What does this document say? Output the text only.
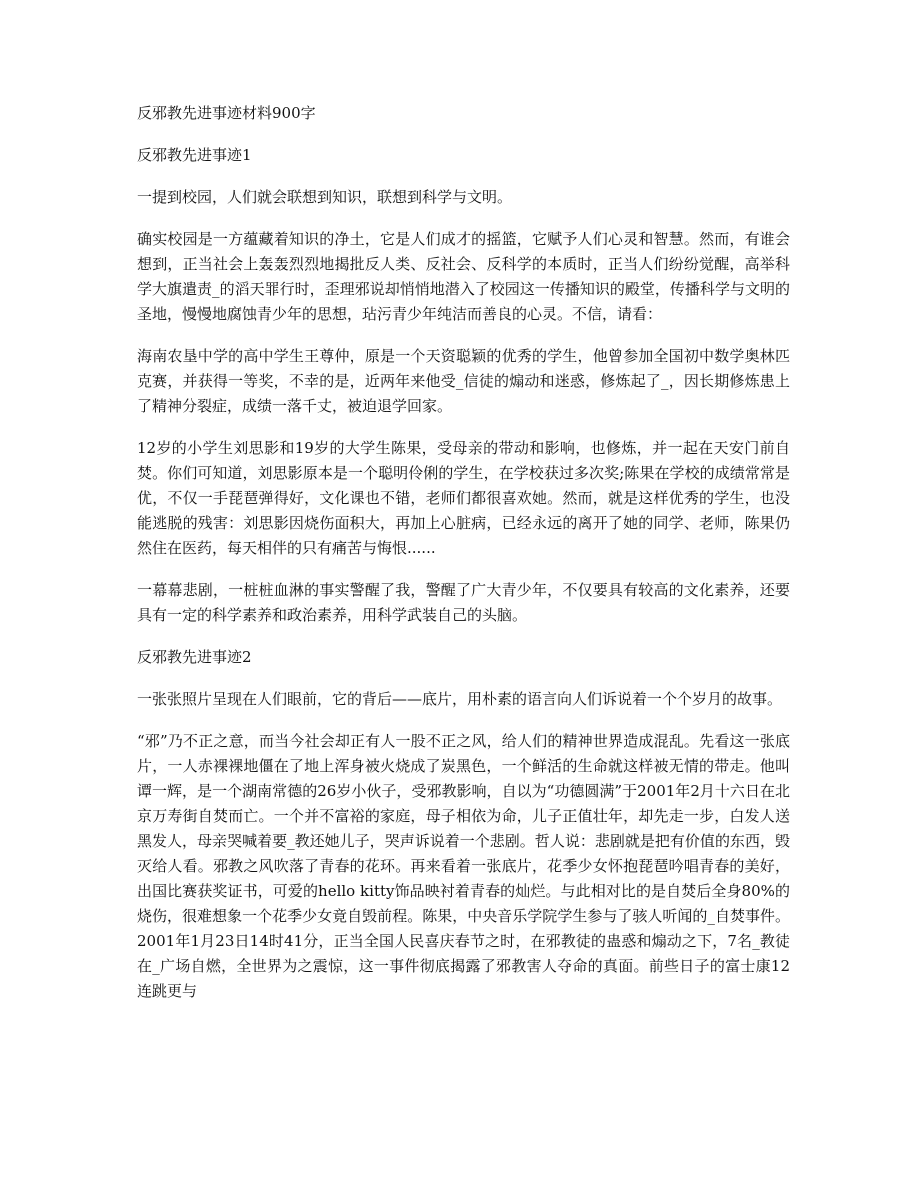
反邪教先进事迹材料900字

反邪教先进事迹1

一提到校园，人们就会联想到知识，联想到科学与文明。

确实校园是一方蕴藏着知识的净土，它是人们成才的摇篮，它赋予人们心灵和智慧。然而，有谁会想到，正当社会上轰轰烈烈地揭批反人类、反社会、反科学的本质时，正当人们纷纷觉醒，高举科学大旗遣责_的滔天罪行时，歪理邪说却悄悄地潜入了校园这一传播知识的殿堂，传播科学与文明的圣地，慢慢地腐蚀青少年的思想，玷污青少年纯洁而善良的心灵。不信，请看：

海南农垦中学的高中学生王尊仲，原是一个天资聪颖的优秀的学生，他曾参加全国初中数学奥林匹克赛，并获得一等奖，不幸的是，近两年来他受_信徒的煽动和迷惑，修炼起了_，因长期修炼患上了精神分裂症，成绩一落千丈，被迫退学回家。

12岁的小学生刘思影和19岁的大学生陈果，受母亲的带动和影响，也修炼，并一起在天安门前自焚。你们可知道，刘思影原本是一个聪明伶俐的学生，在学校获过多次奖;陈果在学校的成绩常常是优，不仅一手琵琶弹得好，文化课也不错，老师们都很喜欢她。然而，就是这样优秀的学生，也没能逃脱的残害：刘思影因烧伤面积大，再加上心脏病，已经永远的离开了她的同学、老师，陈果仍然住在医药，每天相伴的只有痛苦与悔恨......

一幕幕悲剧，一桩桩血淋的事实警醒了我，警醒了广大青少年，不仅要具有较高的文化素养，还要具有一定的科学素养和政治素养，用科学武装自己的头脑。

反邪教先进事迹2

一张张照片呈现在人们眼前，它的背后——底片，用朴素的语言向人们诉说着一个个岁月的故事。

“邪”乃不正之意，而当今社会却正有人一股不正之风，给人们的精神世界造成混乱。先看这一张底片，一人赤裸裸地僵在了地上浑身被火烧成了炭黑色，一个鲜活的生命就这样被无情的带走。他叫谭一辉，是一个湖南常德的26岁小伙子，受邪教影响，自以为“功德圆满”于2001年2月十六日在北京万寿街自焚而亡。一个并不富裕的家庭，母子相依为命，儿子正值壮年，却先走一步，白发人送黑发人，母亲哭喊着要_教还她儿子，哭声诉说着一个悲剧。哲人说：悲剧就是把有价值的东西，毁灭给人看。邪教之风吹落了青春的花环。再来看着一张底片，花季少女怀抱琵琶吟唱青春的美好，出国比赛获奖证书，可爱的hello kitty饰品映衬着青春的灿烂。与此相对比的是自焚后全身80%的烧伤，很难想象一个花季少女竟自毁前程。陈果，中央音乐学院学生参与了骇人听闻的_自焚事件。2001年1月23日14时41分，正当全国人民喜庆春节之时，在邪教徒的蛊惑和煽动之下，7名_教徒在_广场自燃，全世界为之震惊，这一事件彻底揭露了邪教害人夺命的真面。前些日子的富士康12连跳更与
